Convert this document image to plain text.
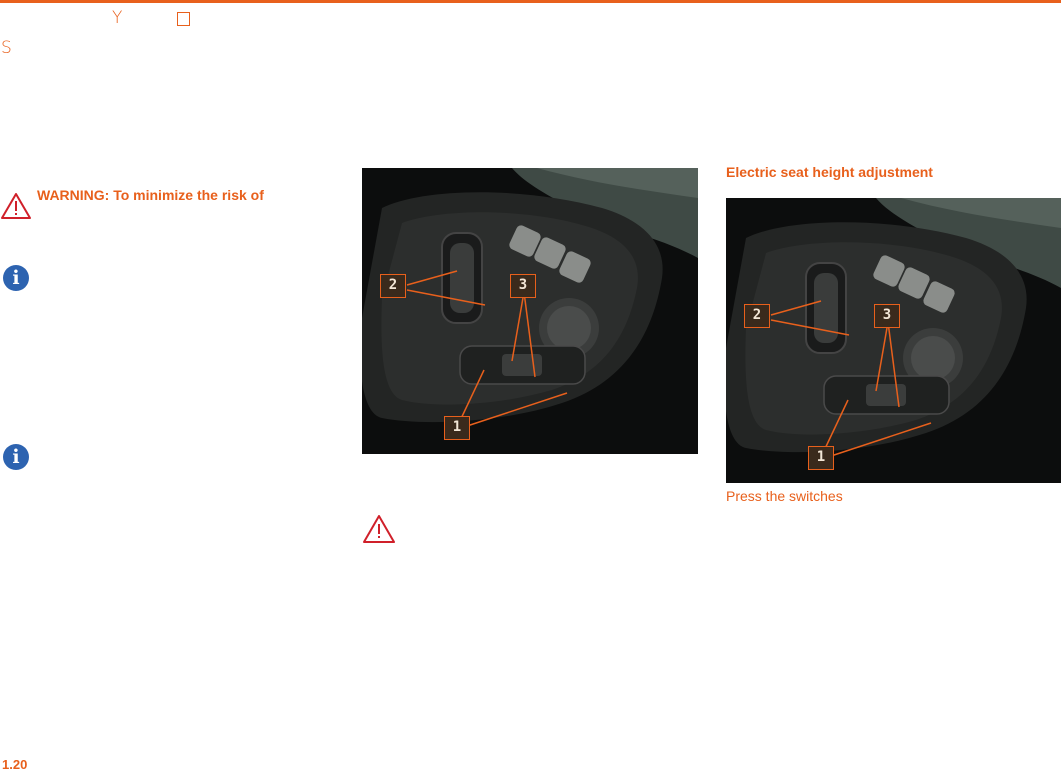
Y
S
WARNING: To minimize the risk of
i
i
2	3
1
Electric seat height adjustment
2	3
1
Press the switches
1.20
